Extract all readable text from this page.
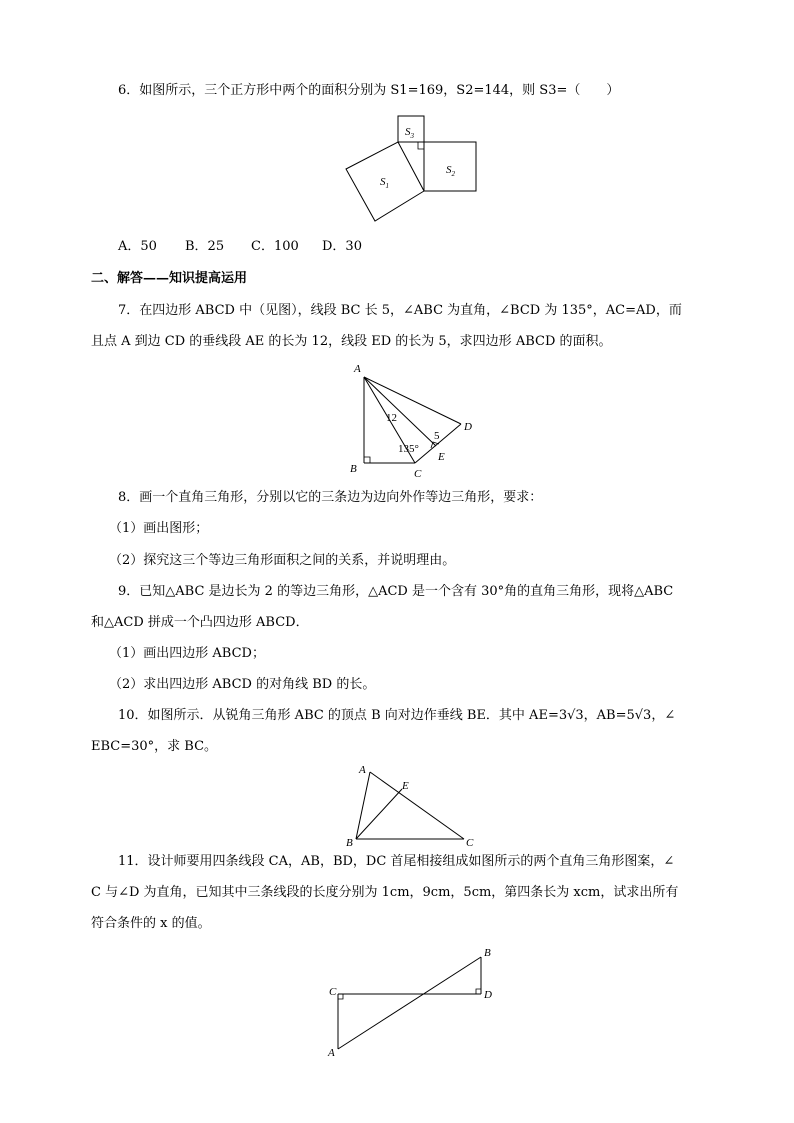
6．如图所示，三个正方形中两个的面积分别为 S1=169，S2=144，则 S3=（　　）
$S_3$
$S_2$
$S_1$
A．50 B．25 C．100 D．30
二、解答——知识提高运用
7．在四边形 ABCD 中（见图），线段 BC 长 5，∠ABC 为直角，∠BCD 为 135°，AC=AD，而
且点 A 到边 CD 的垂线段 AE 的长为 12，线段 ED 的长为 5，求四边形 ABCD 的面积。
A
B	C
D
E
12
5
135°
8．画一个直角三角形，分别以它的三条边为边向外作等边三角形，要求：
（1）画出图形；
（2）探究这三个等边三角形面积之间的关系，并说明理由。
9．已知△ABC 是边长为 2 的等边三角形，△ACD 是一个含有 30°角的直角三角形，现将△ABC
和△ACD 拼成一个凸四边形 ABCD．
（1）画出四边形 ABCD；
（2）求出四边形 ABCD 的对角线 BD 的长。
10．如图所示．从锐角三角形 ABC 的顶点 B 向对边作垂线 BE．其中 AE=3√3，AB=5√3，∠
EBC=30°，求 BC。
A
E
B	C
11．设计师要用四条线段 CA，AB，BD，DC 首尾相接组成如图所示的两个直角三角形图案，∠
C 与∠D 为直角，已知其中三条线段的长度分别为 1cm，9cm，5cm，第四条长为 xcm，试求出所有
符合条件的 x 的值。
C
B
D
A
